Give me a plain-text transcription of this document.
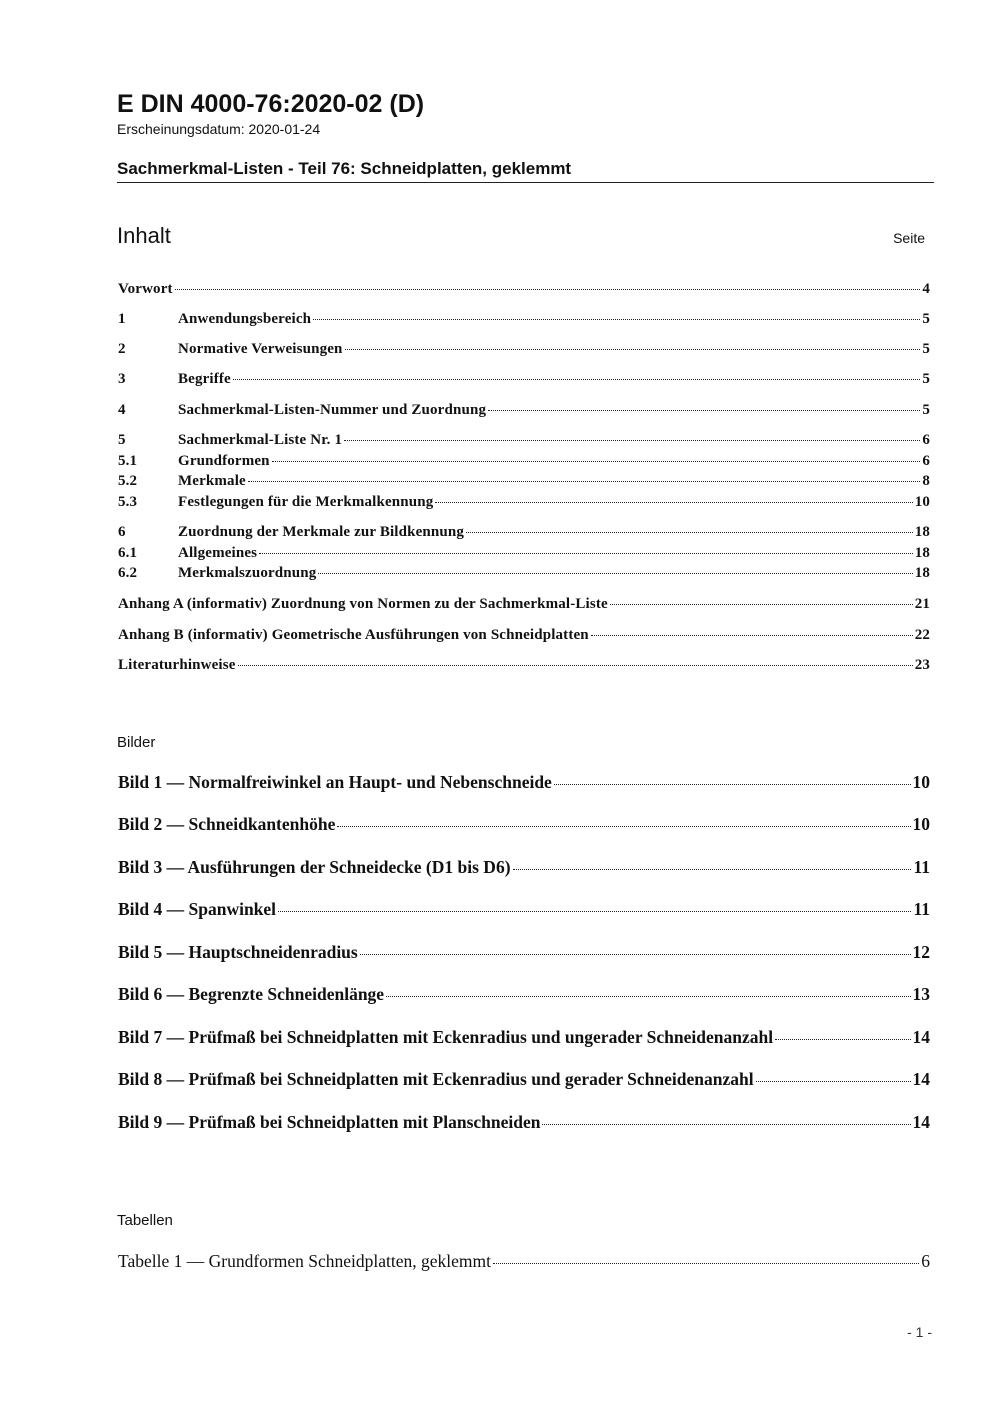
E DIN 4000-76:2020-02 (D)
Erscheinungsdatum: 2020-01-24
Sachmerkmal-Listen - Teil 76: Schneidplatten, geklemmt
Inhalt	Seite
Vorwort	4
1	Anwendungsbereich	5
2	Normative Verweisungen	5
3	Begriffe	5
4	Sachmerkmal-Listen-Nummer und Zuordnung	5
5	Sachmerkmal-Liste Nr. 1	6
5.1	Grundformen	6
5.2	Merkmale	8
5.3	Festlegungen für die Merkmalkennung	10
6	Zuordnung der Merkmale zur Bildkennung	18
6.1	Allgemeines	18
6.2	Merkmalszuordnung	18
Anhang A (informativ) Zuordnung von Normen zu der Sachmerkmal-Liste	21
Anhang B (informativ) Geometrische Ausführungen von Schneidplatten	22
Literaturhinweise	23
Bilder
Bild 1 — Normalfreiwinkel an Haupt- und Nebenschneide	10
Bild 2 — Schneidkantenhöhe	10
Bild 3 — Ausführungen der Schneidecke (D1 bis D6)	11
Bild 4 — Spanwinkel	11
Bild 5 — Hauptschneidenradius	12
Bild 6 — Begrenzte Schneidenlänge	13
Bild 7 — Prüfmaß bei Schneidplatten mit Eckenradius und ungerader Schneidenanzahl	14
Bild 8 — Prüfmaß bei Schneidplatten mit Eckenradius und gerader Schneidenanzahl	14
Bild 9 — Prüfmaß bei Schneidplatten mit Planschneiden	14
Tabellen
Tabelle 1 — Grundformen Schneidplatten, geklemmt	6
- 1 -
